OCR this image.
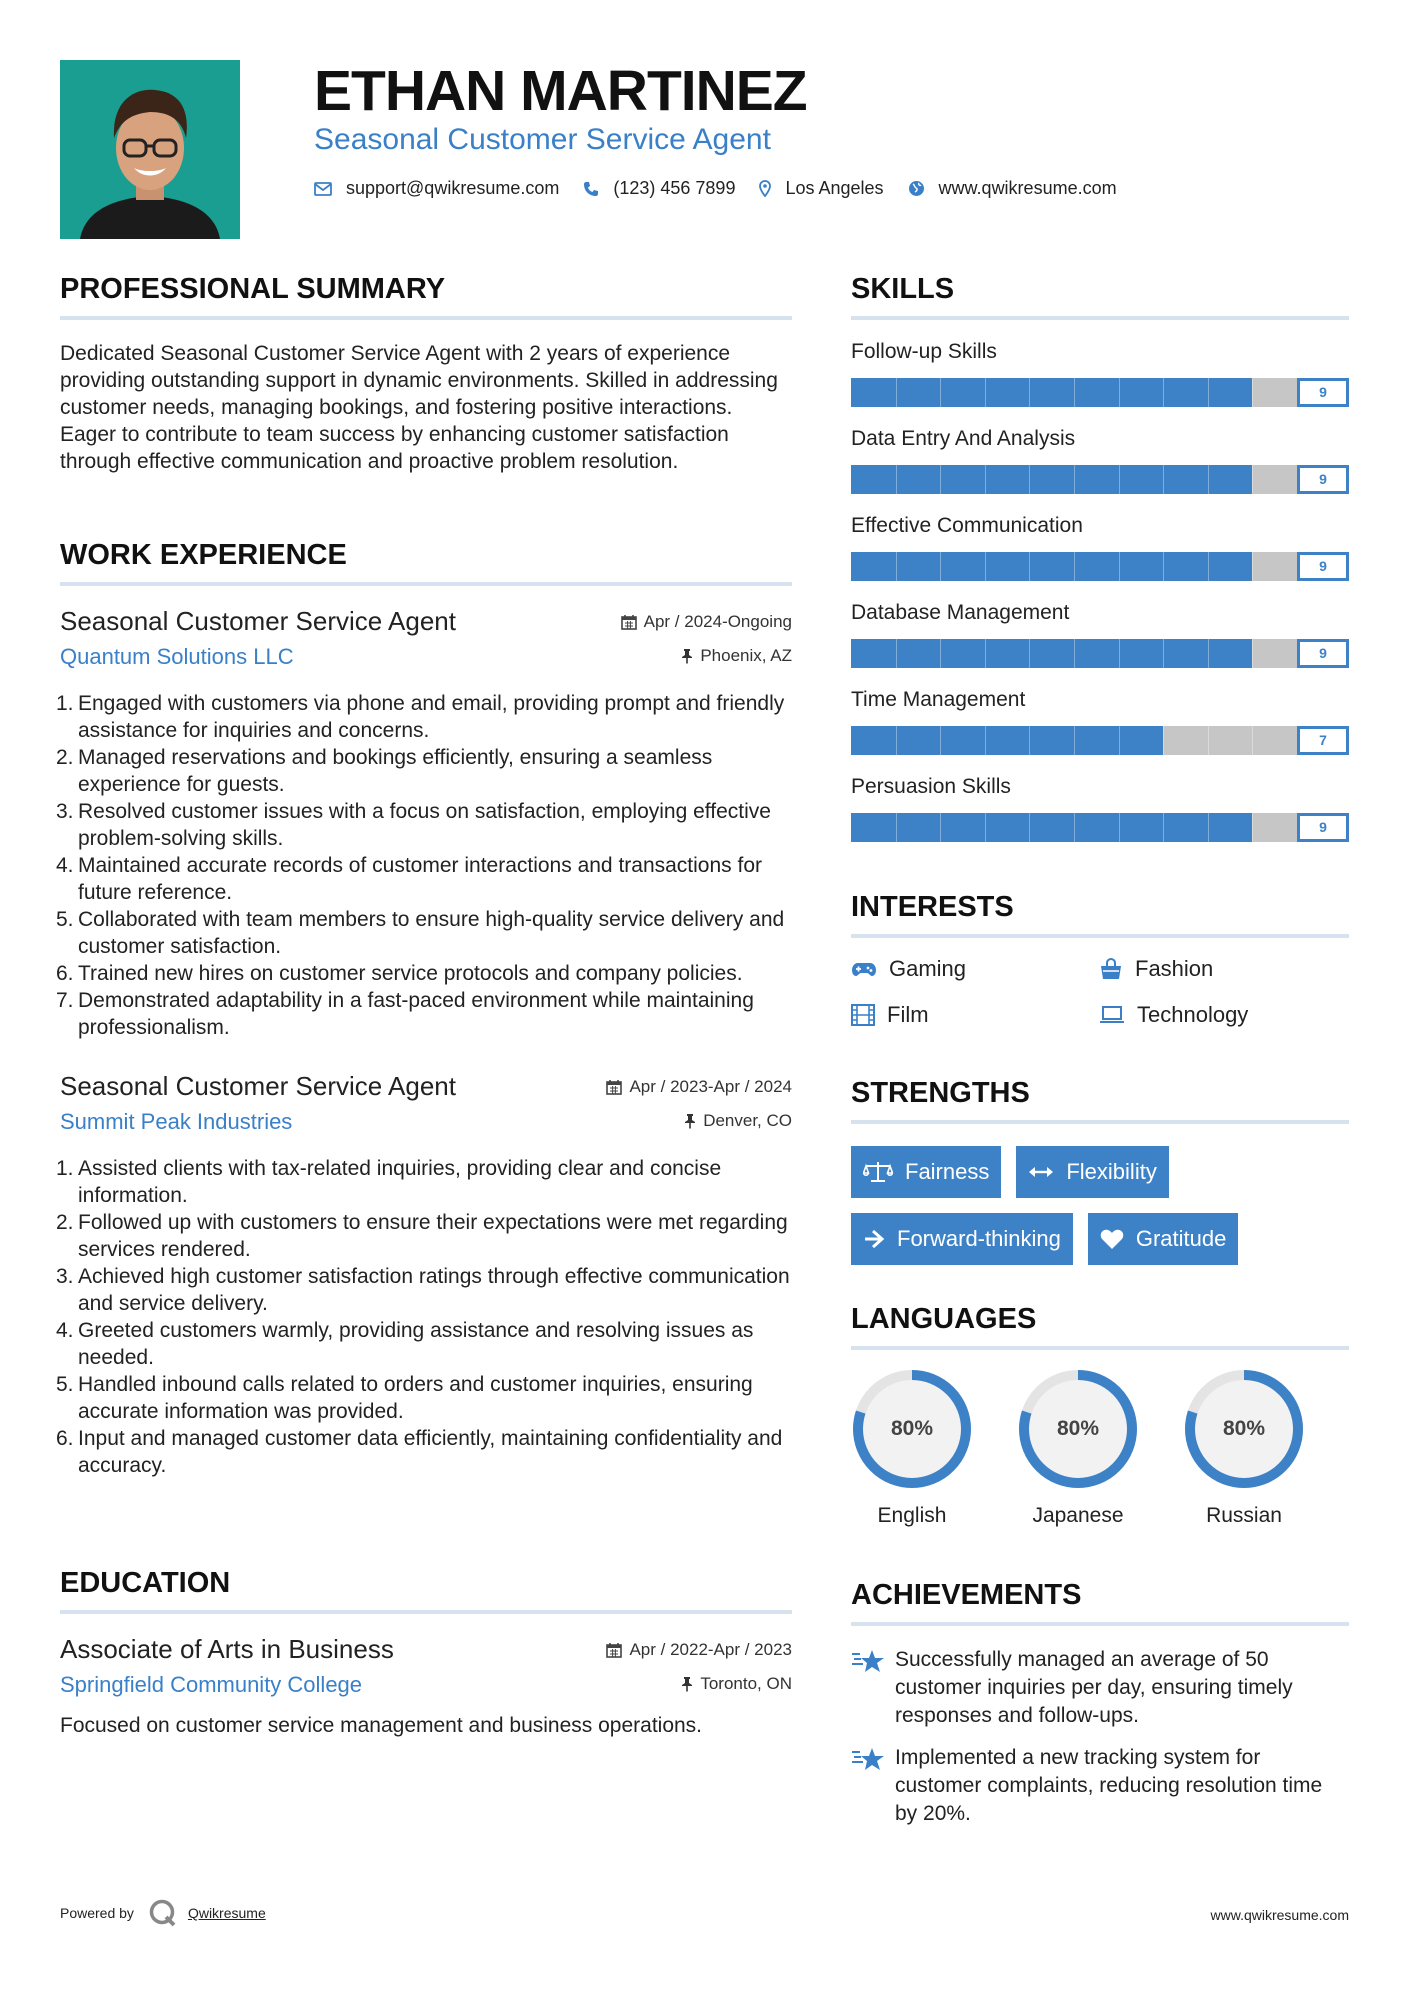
ETHAN MARTINEZ
Seasonal Customer Service Agent
support@qwikresume.com	(123) 456 7899	Los Angeles	www.qwikresume.com
PROFESSIONAL SUMMARY

Dedicated Seasonal Customer Service Agent with 2 years of experience providing outstanding support in dynamic environments. Skilled in addressing customer needs, managing bookings, and fostering positive interactions. Eager to contribute to team success by enhancing customer satisfaction through effective communication and proactive problem resolution.

WORK EXPERIENCE
Seasonal Customer Service Agent
Quantum Solutions LLC
Apr / 2024-Ongoing
Phoenix, AZ
1. Engaged with customers via phone and email, providing prompt and friendly assistance for inquiries and concerns.
2. Managed reservations and bookings efficiently, ensuring a seamless experience for guests.
3. Resolved customer issues with a focus on satisfaction, employing effective problem-solving skills.
4. Maintained accurate records of customer interactions and transactions for future reference.
5. Collaborated with team members to ensure high-quality service delivery and customer satisfaction.
6. Trained new hires on customer service protocols and company policies.
7. Demonstrated adaptability in a fast-paced environment while maintaining professionalism.
Seasonal Customer Service Agent
Summit Peak Industries
Apr / 2023-Apr / 2024
Denver, CO
1. Assisted clients with tax-related inquiries, providing clear and concise information.
2. Followed up with customers to ensure their expectations were met regarding services rendered.
3. Achieved high customer satisfaction ratings through effective communication and service delivery.
4. Greeted customers warmly, providing assistance and resolving issues as needed.
5. Handled inbound calls related to orders and customer inquiries, ensuring accurate information was provided.
6. Input and managed customer data efficiently, maintaining confidentiality and accuracy.
EDUCATION
Associate of Arts in Business
Springfield Community College
Apr / 2022-Apr / 2023
Toronto, ON

Focused on customer service management and business operations.

SKILLS
Follow-up Skills
9
Data Entry And Analysis
9
Effective Communication
9
Database Management
9
Time Management
7
Persuasion Skills
9
INTERESTS
Gaming	Fashion
Film	Technology
STRENGTHS
Fairness	Flexibility
Forward-thinking	Gratitude
LANGUAGES
80%
English
80%
Japanese
80%
Russian
ACHIEVEMENTS
Successfully managed an average of 50 customer inquiries per day, ensuring timely responses and follow-ups.
Implemented a new tracking system for customer complaints, reducing resolution time by 20%.
Powered by	Qwikresume	www.qwikresume.com
